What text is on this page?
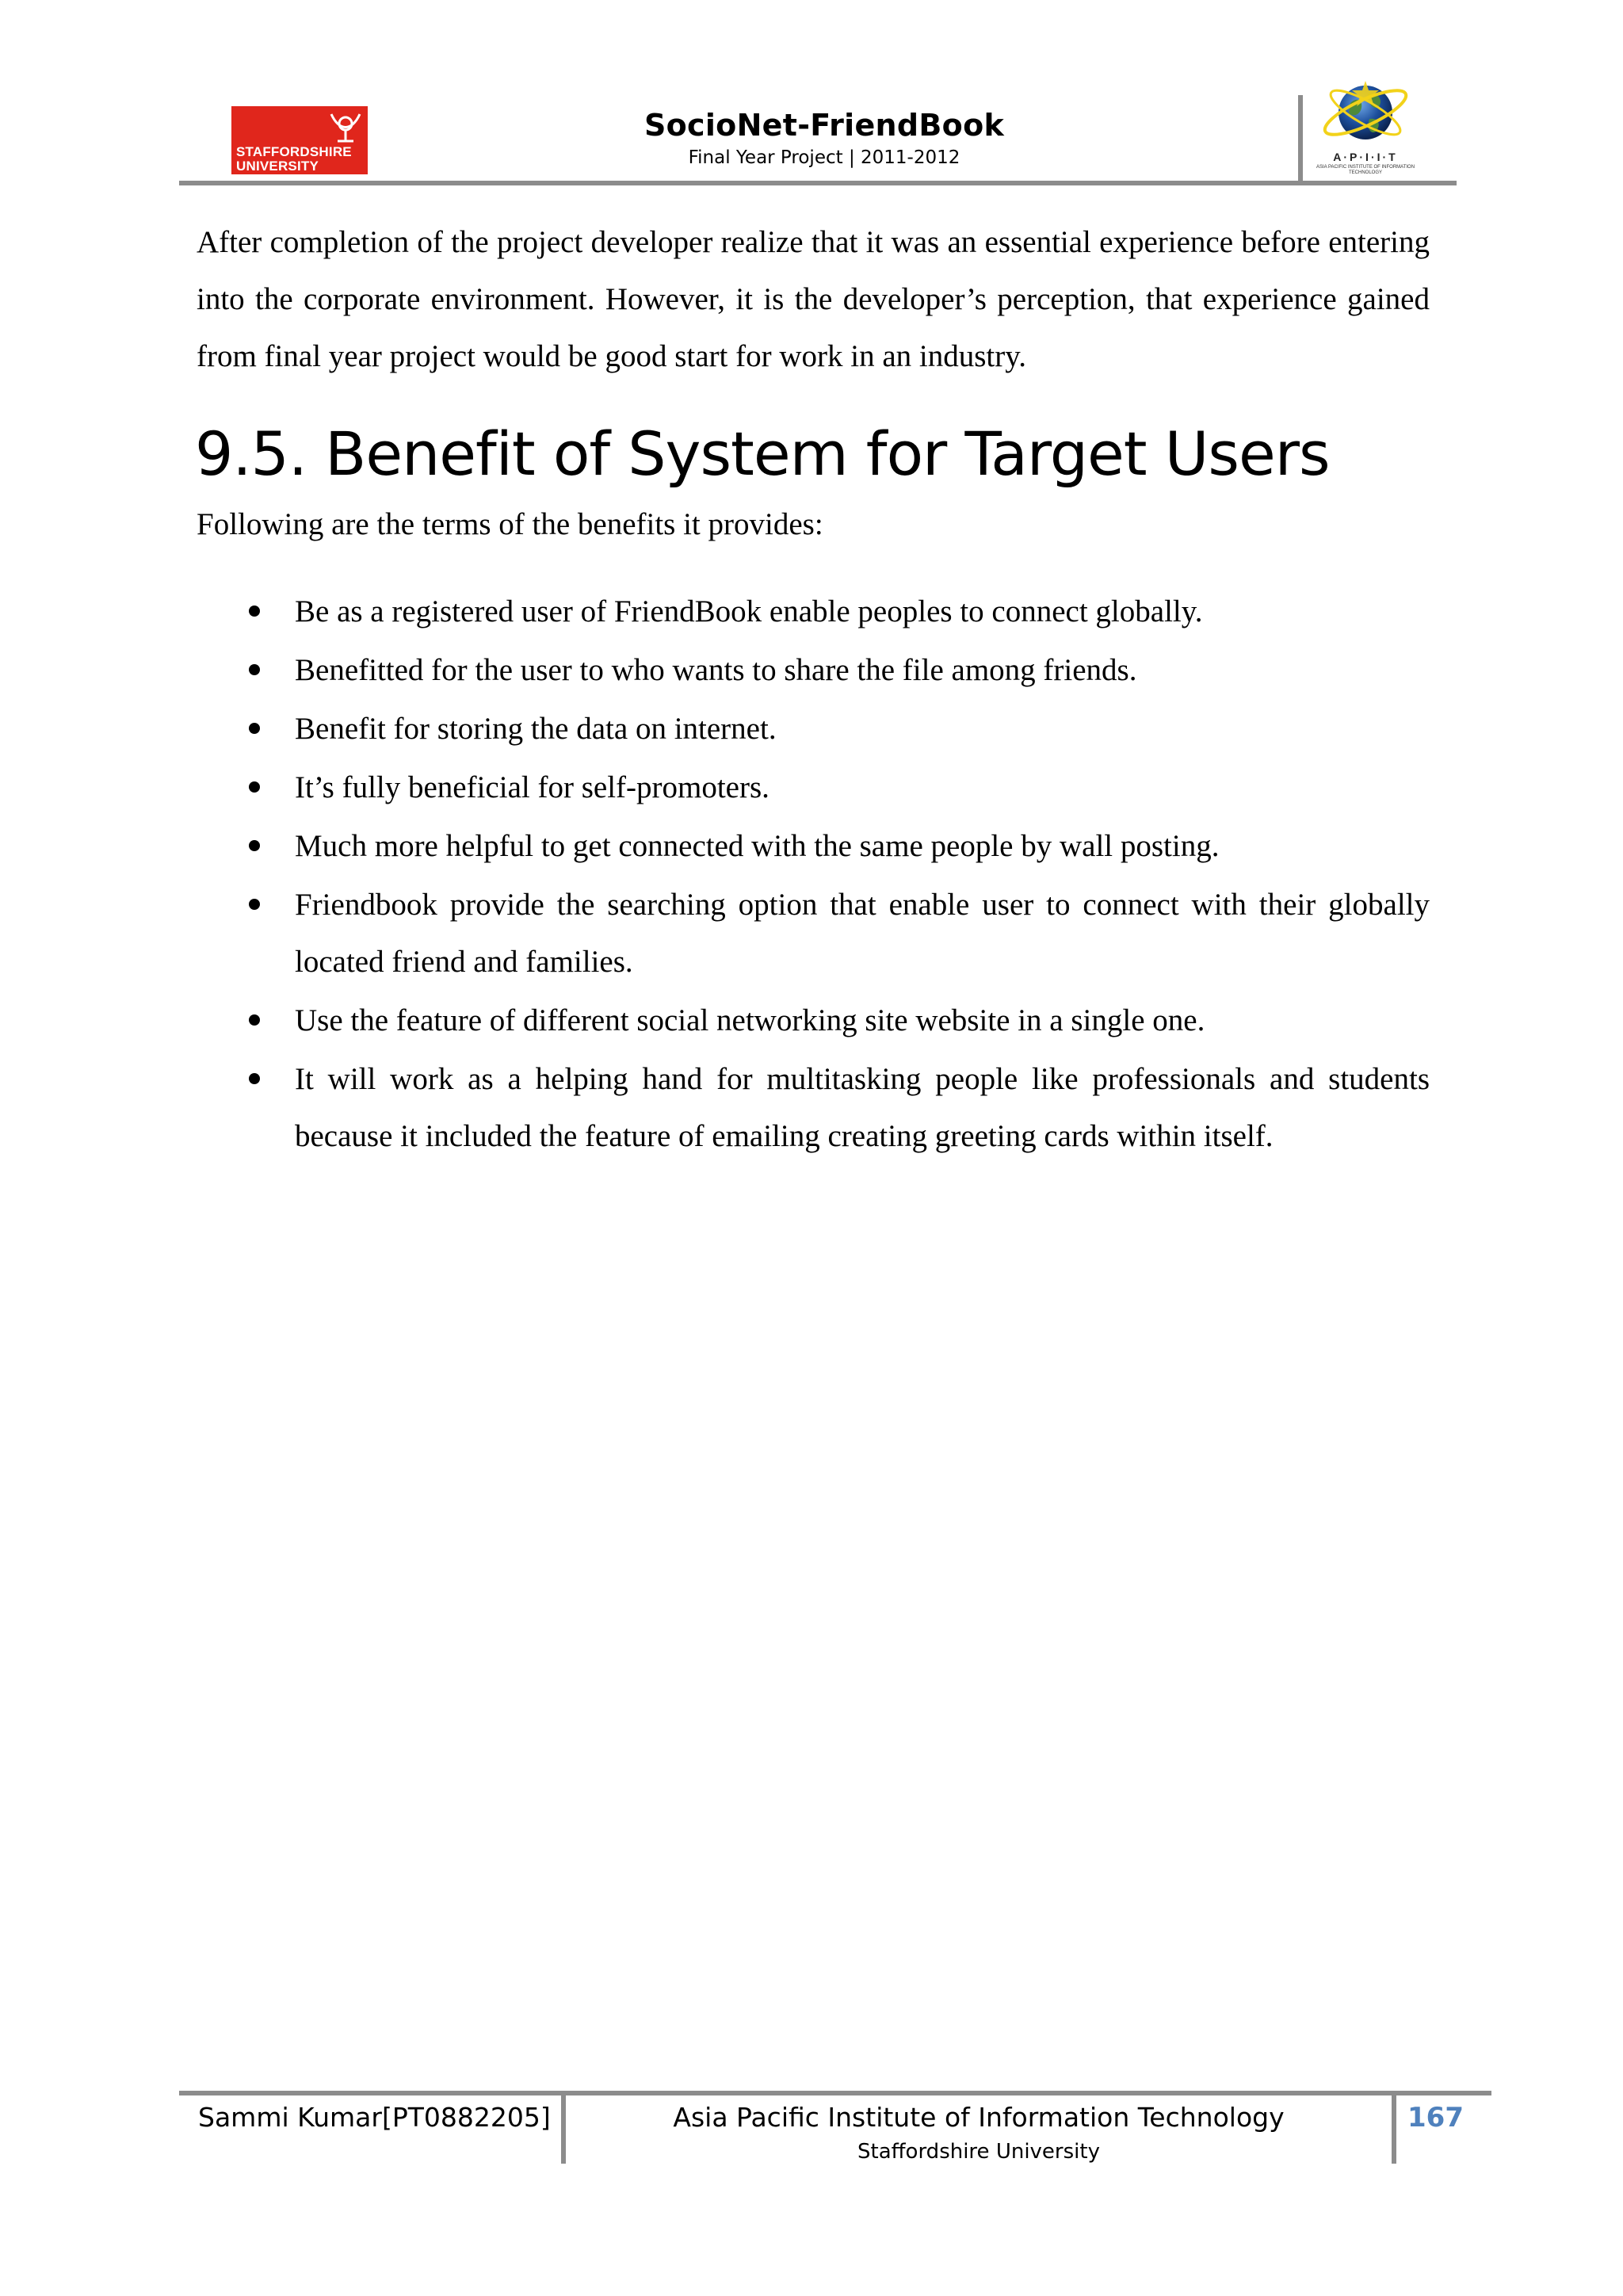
STAFFORDSHIRE
UNIVERSITY
SocioNet-FriendBook
Final Year Project | 2011-2012	A·P·I·I·T
ASIA PACIFIC INSTITUTE OF INFORMATION TECHNOLOGY

After completion of the project developer realize that it was an essential experience before entering into the corporate environment. However, it is the developer’s perception, that experience gained from final year project would be good start for work in an industry.

9.5. Benefit of System for Target Users
Following are the terms of the benefits it provides:
Be as a registered user of FriendBook enable peoples to connect globally.
Benefitted for the user to who wants to share the file among friends.
Benefit for storing the data on internet.
It’s fully beneficial for self-promoters.
Much more helpful to get connected with the same people by wall posting.
Friendbook provide the searching option that enable user to connect with their globally located friend and families.
Use the feature of different social networking site website in a single one.
It will work as a helping hand for multitasking people like professionals and students because it included the feature of emailing creating greeting cards within itself.
Sammi Kumar[PT0882205]	Asia Pacific Institute of Information Technology
Staffordshire University
167
